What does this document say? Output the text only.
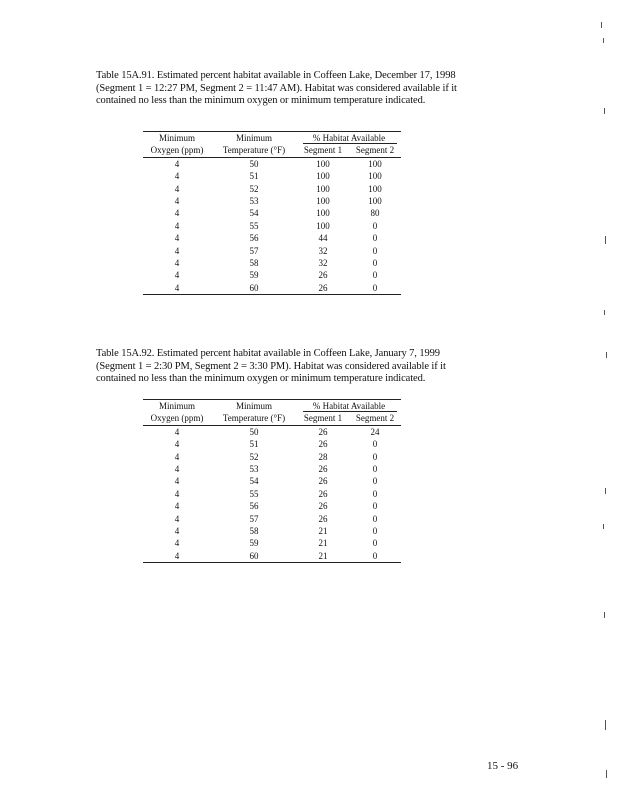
Table 15A.91. Estimated percent habitat available in Coffeen Lake, December 17, 1998 (Segment 1 = 12:27 PM, Segment 2 = 11:47 AM). Habitat was considered available if it contained no less than the minimum oxygen or minimum temperature indicated.
Minimum	Minimum	% Habitat Available	

Oxygen (ppm)	Temperature (°F)	Segment 1	Segment 2
4	50	100	100
4	51	100	100
4	52	100	100
4	53	100	100
4	54	100	80
4	55	100	0
4	56	44	0
4	57	32	0
4	58	32	0
4	59	26	0
4	60	26	0
Table 15A.92. Estimated percent habitat available in Coffeen Lake, January 7, 1999 (Segment 1 = 2:30 PM, Segment 2 = 3:30 PM). Habitat was considered available if it contained no less than the minimum oxygen or minimum temperature indicated.
Minimum	Minimum	% Habitat Available	

Oxygen (ppm)	Temperature (°F)	Segment 1	Segment 2
4	50	26	24
4	51	26	0
4	52	28	0
4	53	26	0
4	54	26	0
4	55	26	0
4	56	26	0
4	57	26	0
4	58	21	0
4	59	21	0
4	60	21	0
15 - 96
